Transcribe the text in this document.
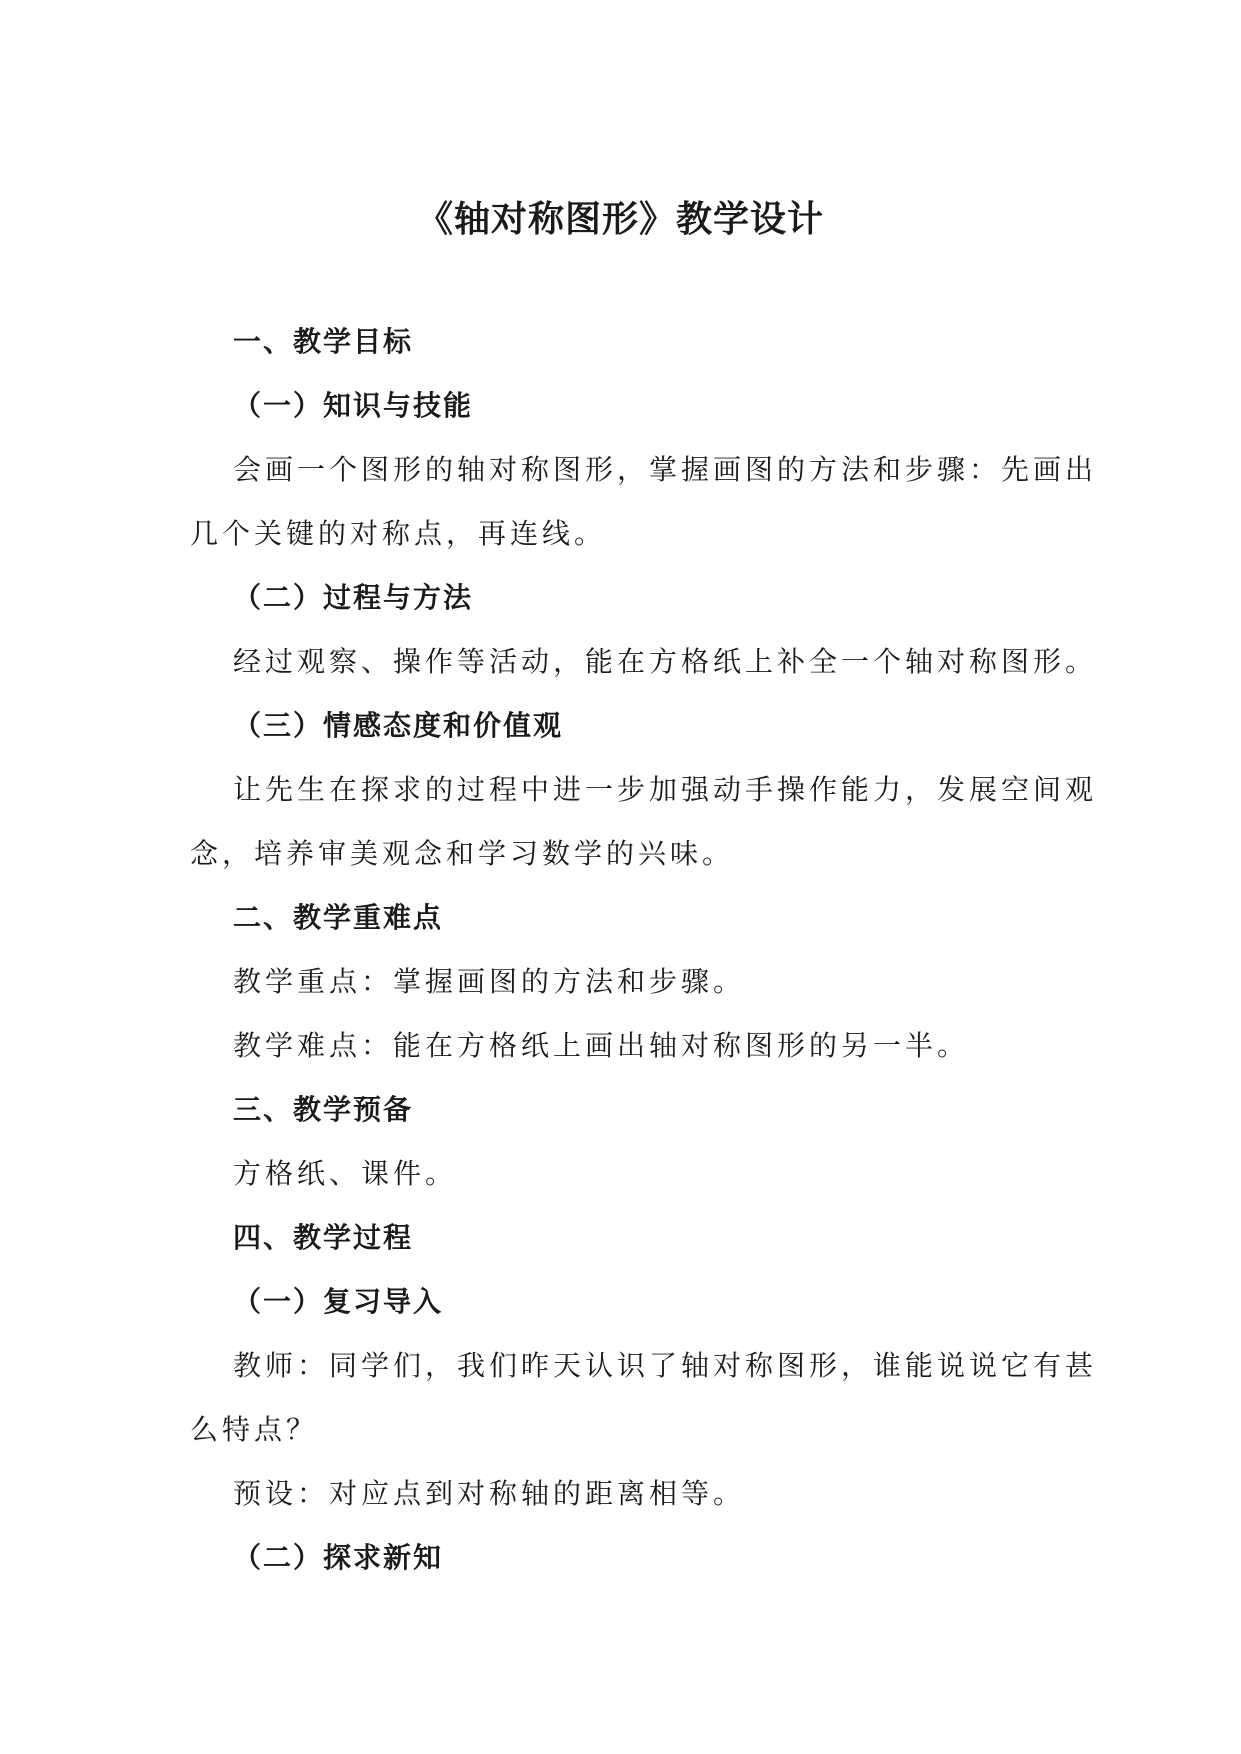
《轴对称图形》教学设计
一、教学目标
（一）知识与技能
会画一个图形的轴对称图形，掌握画图的方法和步骤：先画出
几个关键的对称点，再连线。
（二）过程与方法
经过观察、操作等活动，能在方格纸上补全一个轴对称图形。
（三）情感态度和价值观
让先生在探求的过程中进一步加强动手操作能力，发展空间观
念，培养审美观念和学习数学的兴味。
二、教学重难点
教学重点：掌握画图的方法和步骤。
教学难点：能在方格纸上画出轴对称图形的另一半。
三、教学预备
方格纸、课件。
四、教学过程
（一）复习导入
教师：同学们，我们昨天认识了轴对称图形，谁能说说它有甚
么特点？
预设：对应点到对称轴的距离相等。
（二）探求新知
